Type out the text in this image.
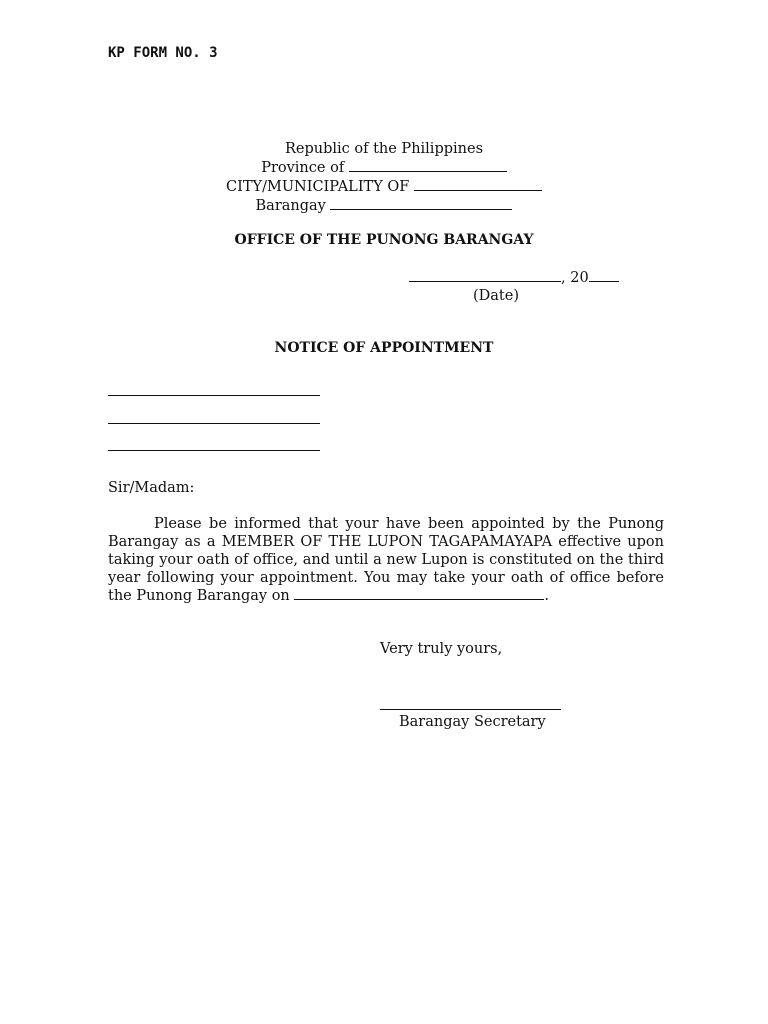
KP FORM NO. 3
Republic of the Philippines
Province of
CITY/MUNICIPALITY OF
Barangay
OFFICE OF THE PUNONG BARANGAY
, 20
(Date)
NOTICE OF APPOINTMENT
Sir/Madam:
Please be informed that your have been appointed by the Punong Barangay as a MEMBER OF THE LUPON TAGAPAMAYAPA effective upon taking your oath of office, and until a new Lupon is constituted on the third year following your appointment. You may take your oath of office before the Punong Barangay on	.
Very truly yours,
Barangay Secretary
